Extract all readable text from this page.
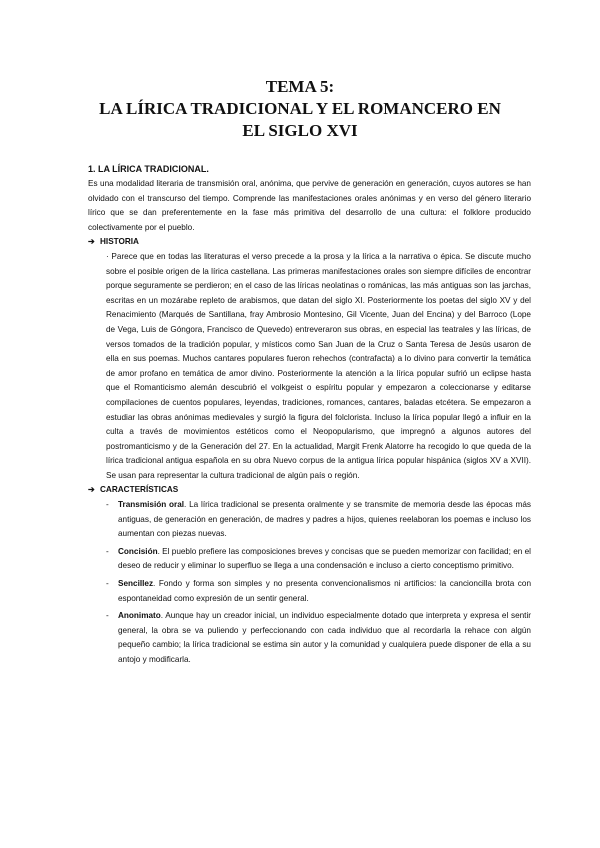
TEMA 5:
LA LÍRICA TRADICIONAL Y EL ROMANCERO EN
EL SIGLO XVI
1. LA LÍRICA TRADICIONAL.

Es una modalidad literaria de transmisión oral, anónima, que pervive de generación en generación, cuyos autores se han olvidado con el transcurso del tiempo. Comprende las manifestaciones orales anónimas y en verso del género literario lírico que se dan preferentemente en la fase más primitiva del desarrollo de una cultura: el folklore producido colectivamente por el pueblo.

➔ HISTORIA

· Parece que en todas las literaturas el verso precede a la prosa y la lírica a la narrativa o épica. Se discute mucho sobre el posible origen de la lírica castellana. Las primeras manifestaciones orales son siempre difíciles de encontrar porque seguramente se perdieron; en el caso de las líricas neolatinas o románicas, las más antiguas son las jarchas, escritas en un mozárabe repleto de arabismos, que datan del siglo XI. Posteriormente los poetas del siglo XV y del Renacimiento (Marqués de Santillana, fray Ambrosio Montesino, Gil Vicente, Juan del Encina) y del Barroco (Lope de Vega, Luis de Góngora, Francisco de Quevedo) entreveraron sus obras, en especial las teatrales y las líricas, de versos tomados de la tradición popular, y místicos como San Juan de la Cruz o Santa Teresa de Jesús usaron de ella en sus poemas. Muchos cantares populares fueron rehechos (contrafacta) a lo divino para convertir la temática de amor profano en temática de amor divino. Posteriormente la atención a la lírica popular sufrió un eclipse hasta que el Romanticismo alemán descubrió el volkgeist o espíritu popular y empezaron a coleccionarse y editarse compilaciones de cuentos populares, leyendas, tradiciones, romances, cantares, baladas etcétera. Se empezaron a estudiar las obras anónimas medievales y surgió la figura del folclorista. Incluso la lírica popular llegó a influir en la culta a través de movimientos estéticos como el Neopopularismo, que impregnó a algunos autores del postromanticismo y de la Generación del 27. En la actualidad, Margit Frenk Alatorre ha recogido lo que queda de la lírica tradicional antigua española en su obra Nuevo corpus de la antigua lírica popular hispánica (siglos XV a XVII). Se usan para representar la cultura tradicional de algún país o región.

➔ CARACTERÍSTICAS
- Transmisión oral. La lírica tradicional se presenta oralmente y se transmite de memoria desde las épocas más antiguas, de generación en generación, de madres y padres a hijos, quienes reelaboran los poemas e incluso los aumentan con piezas nuevas.
- Concisión. El pueblo prefiere las composiciones breves y concisas que se pueden memorizar con facilidad; en el deseo de reducir y eliminar lo superfluo se llega a una condensación e incluso a cierto conceptismo primitivo.
- Sencillez. Fondo y forma son simples y no presenta convencionalismos ni artificios: la cancioncilla brota con espontaneidad como expresión de un sentir general.
- Anonimato. Aunque hay un creador inicial, un individuo especialmente dotado que interpreta y expresa el sentir general, la obra se va puliendo y perfeccionando con cada individuo que al recordarla la rehace con algún pequeño cambio; la lírica tradicional se estima sin autor y la comunidad y cualquiera puede disponer de ella a su antojo y modificarla.
